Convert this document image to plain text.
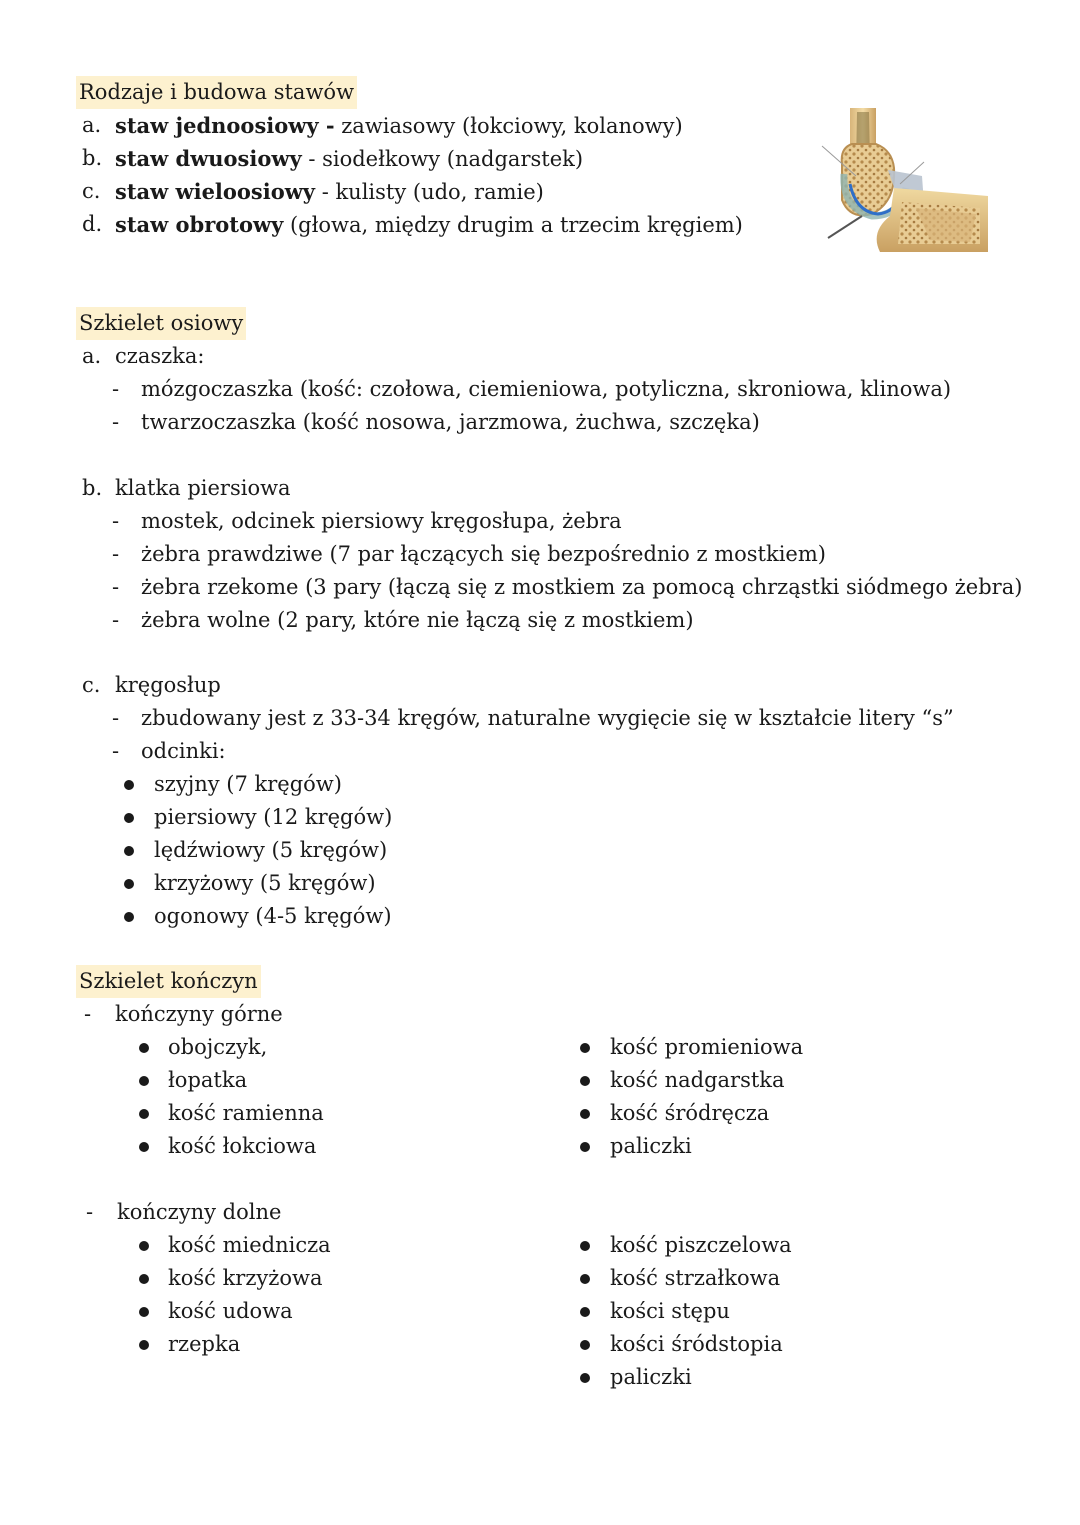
Rodzaje i budowa stawów
a. staw jednoosiowy - zawiasowy (łokciowy, kolanowy)
b. staw dwuosiowy - siodełkowy (nadgarstek)
c. staw wieloosiowy - kulisty (udo, ramie)
d. staw obrotowy (głowa, między drugim a trzecim kręgiem)
Szkielet osiowy
a. czaszka:
- mózgoczaszka (kość: czołowa, ciemieniowa, potyliczna, skroniowa, klinowa)
- twarzoczaszka (kość nosowa, jarzmowa, żuchwa, szczęka)
b. klatka piersiowa
- mostek, odcinek piersiowy kręgosłupa, żebra
- żebra prawdziwe (7 par łączących się bezpośrednio z mostkiem)
- żebra rzekome (3 pary (łączą się z mostkiem za pomocą chrząstki siódmego żebra)
- żebra wolne (2 pary, które nie łączą się z mostkiem)
c. kręgosłup
- zbudowany jest z 33-34 kręgów, naturalne wygięcie się w kształcie litery “s”
- odcinki:
szyjny (7 kręgów)
piersiowy (12 kręgów)
lędźwiowy (5 kręgów)
krzyżowy (5 kręgów)
ogonowy (4-5 kręgów)
Szkielet kończyn
- kończyny górne
obojczyk,
łopatka
kość ramienna
kość łokciowa
kość promieniowa
kość nadgarstka
kość śródręcza
paliczki
- kończyny dolne
kość miednicza
kość krzyżowa
kość udowa
rzepka
kość piszczelowa
kość strzałkowa
kości stępu
kości śródstopia
paliczki
